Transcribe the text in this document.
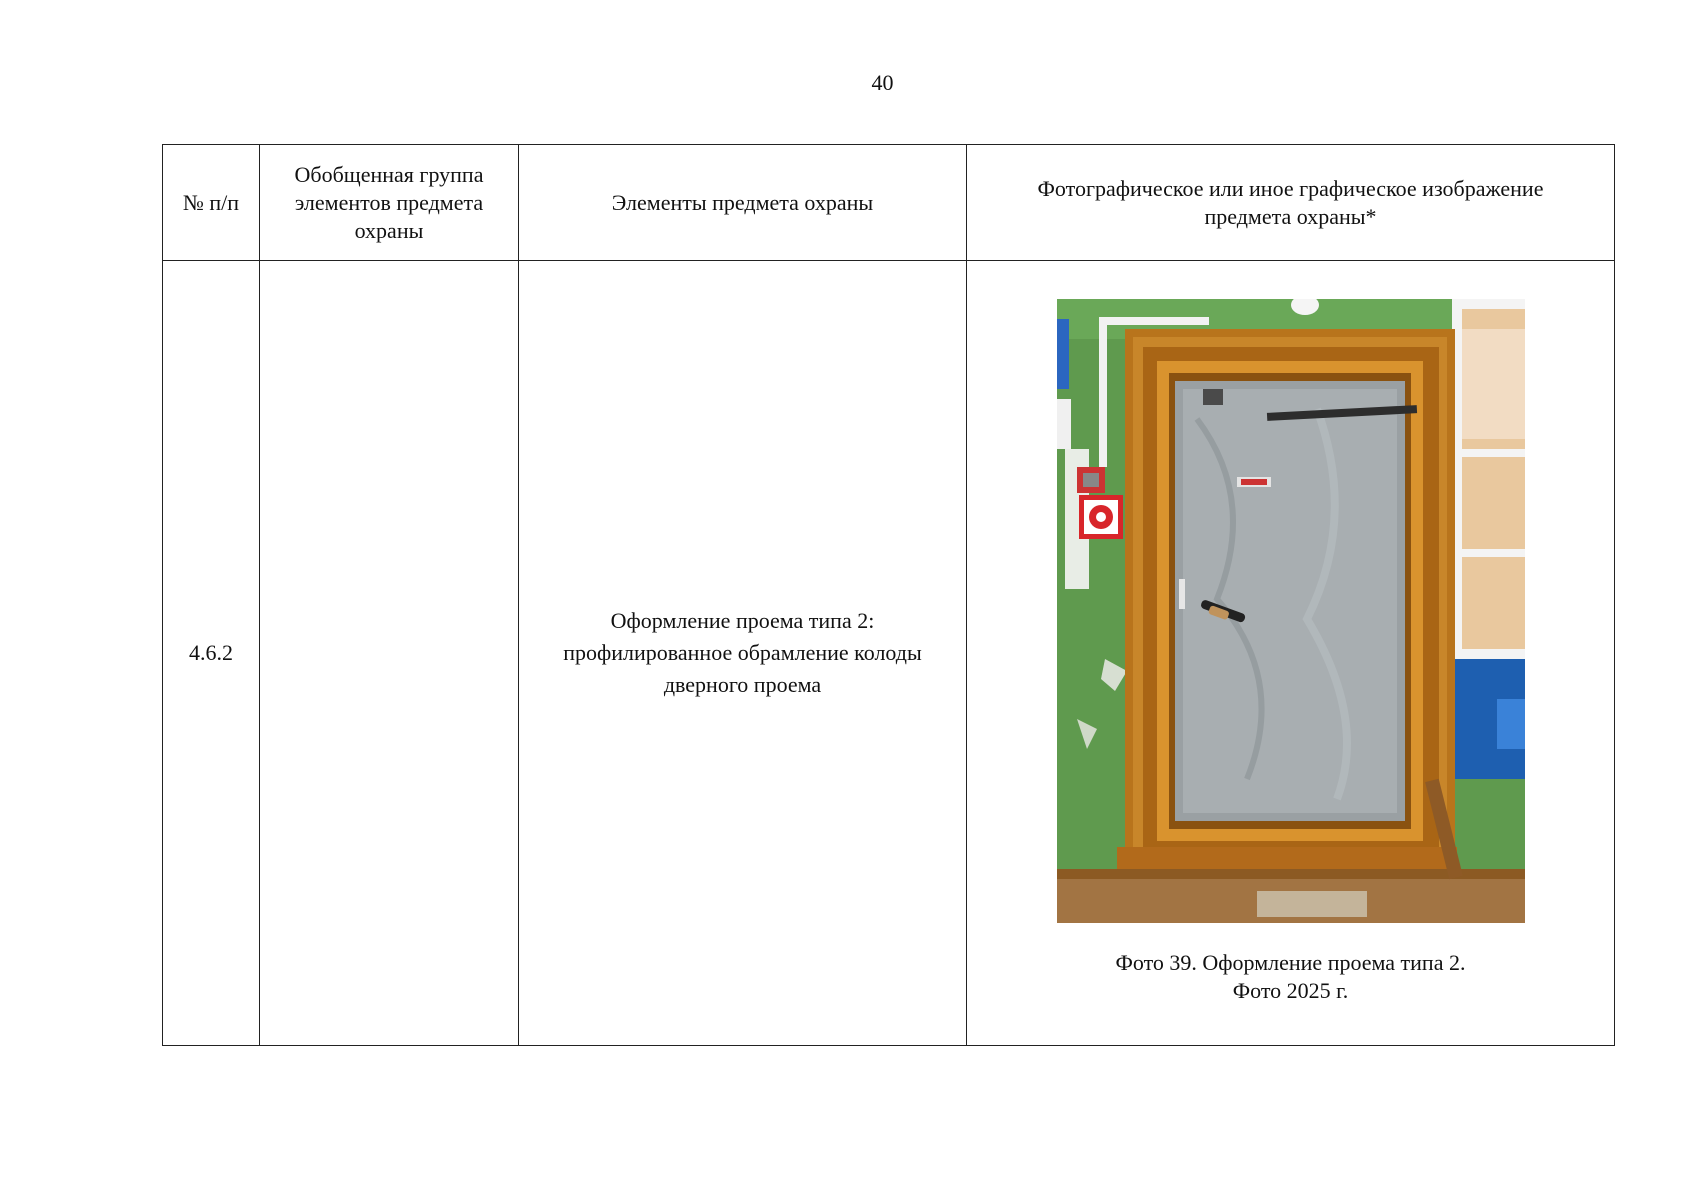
40
№ п/п	Обобщенная группа элементов предмета охраны	Элементы предмета охраны	Фотографическое или иное графическое изображение предмета охраны*
4.6.2		Оформление проема типа 2: профилированное обрамление колоды дверного проема	Фото 39. Оформление проема типа 2.
Фото 2025 г.
